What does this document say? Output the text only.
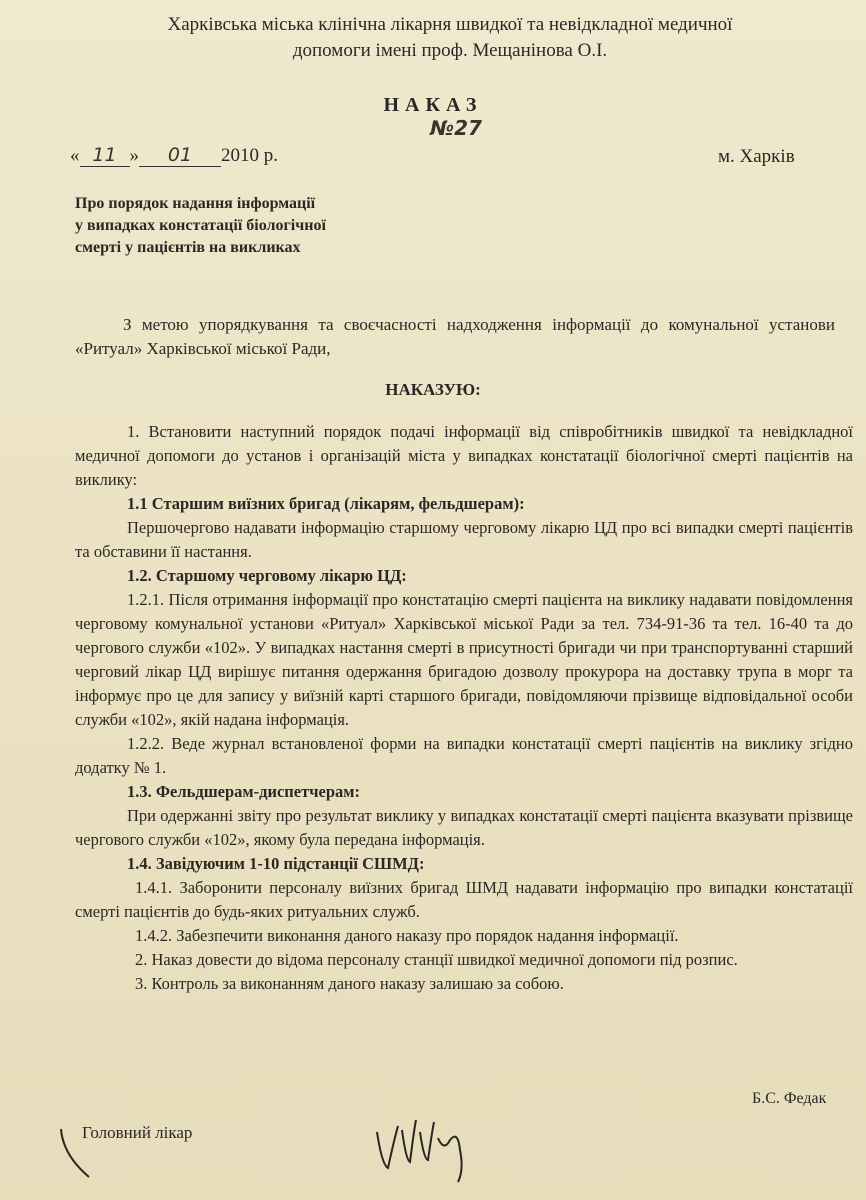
Харківська міська клінічна лікарня швидкої та невідкладної медичної
допомоги імені проф. Мещанінова О.І.
НАКАЗ
№27
« 11 » 01 2010 р.	м. Харків
Про порядок надання інформації
у випадках констатації біологічної
смерті у пацієнтів на викликах
З метою упорядкування та своєчасності надходження інформації до комунальної установи «Ритуал» Харківської міської Ради,
НАКАЗУЮ:

1. Встановити наступний порядок подачі інформації від співробітників швидкої та невідкладної медичної допомоги до установ і організацій міста у випадках констатації біологічної смерті пацієнтів на виклику:

1.1 Старшим виїзних бригад (лікарям, фельдшерам):

Першочергово надавати інформацію старшому черговому лікарю ЦД про всі випадки смерті пацієнтів та обставини її настання.

1.2. Старшому черговому лікарю ЦД:

1.2.1. Після отримання інформації про констатацію смерті пацієнта на виклику надавати повідомлення черговому комунальної установи «Ритуал» Харківської міської Ради за тел. 734-91-36 та тел. 16-40 та до чергового служби «102». У випадках настання смерті в присутності бригади чи при транспортуванні старший черговий лікар ЦД вирішує питання одержання бригадою дозволу прокурора на доставку трупа в морг та інформує про це для запису у виїзній карті старшого бригади, повідомляючи прізвище відповідальної особи служби «102», якій надана інформація.

1.2.2. Веде журнал встановленої форми на випадки констатації смерті пацієнтів на виклику згідно додатку № 1.

1.3. Фельдшерам-диспетчерам:

При одержанні звіту про результат виклику у випадках констатації смерті пацієнта вказувати прізвище чергового служби «102», якому була передана інформація.

1.4. Завідуючим 1-10 підстанції СШМД:

1.4.1. Заборонити персоналу виїзних бригад ШМД надавати інформацію про випадки констатації смерті пацієнтів до будь-яких ритуальних служб.

1.4.2. Забезпечити виконання даного наказу про порядок надання інформації.

2. Наказ довести до відома персоналу станції швидкої медичної допомоги під розпис.

3. Контроль за виконанням даного наказу залишаю за собою.

Б.С. Федак
Головний лікар
